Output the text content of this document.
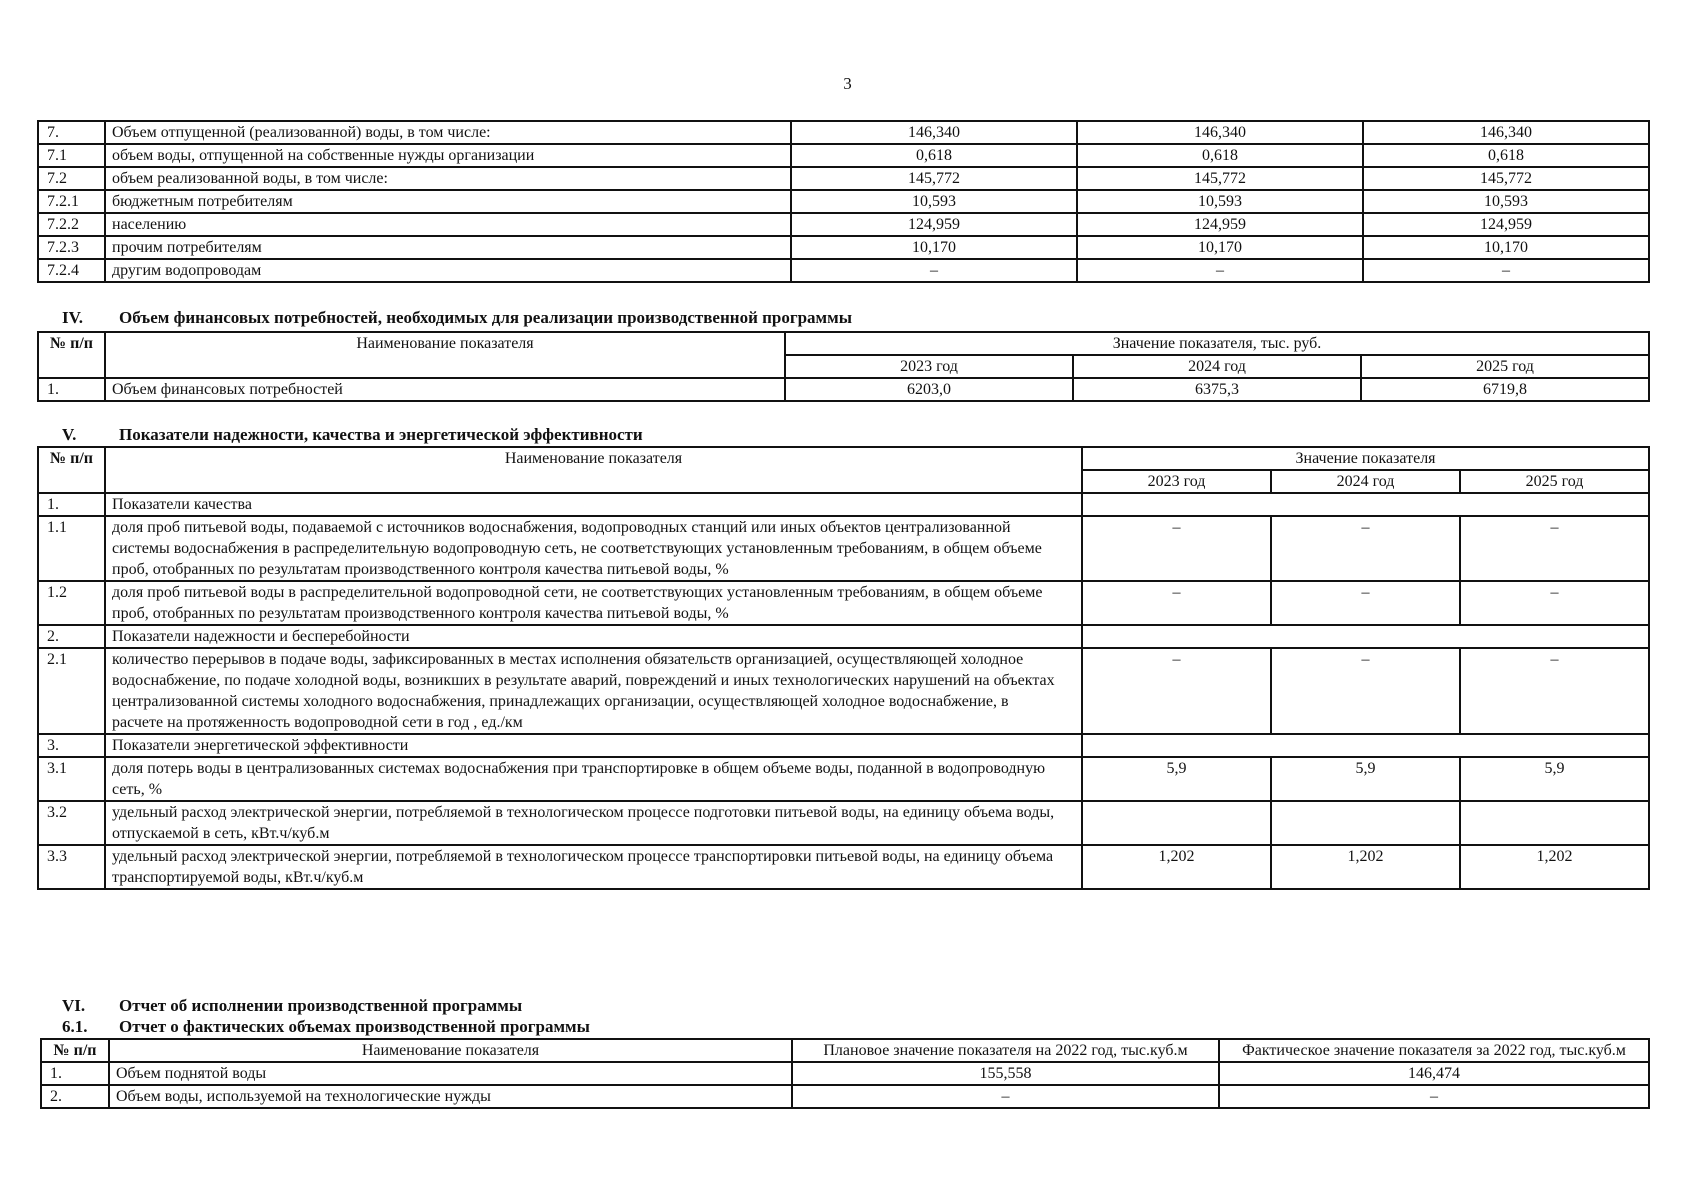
3
7.	Объем отпущенной (реализованной) воды, в том числе:	146,340	146,340	146,340
7.1	объем воды, отпущенной на собственные нужды организации	0,618	0,618	0,618
7.2	объем реализованной воды, в том числе:	145,772	145,772	145,772
7.2.1	бюджетным потребителям	10,593	10,593	10,593
7.2.2	населению	124,959	124,959	124,959
7.2.3	прочим потребителям	10,170	10,170	10,170
7.2.4	другим водопроводам	–	–	–
IV. Объем финансовых потребностей, необходимых для реализации производственной программы
№ п/п	Наименование показателя	Значение показателя, тыс. руб.		
		2023 год	2024 год	2025 год
1.	Объем финансовых потребностей	6203,0	6375,3	6719,8
V.	Показатели надежности, качества и энергетической эффективности
№ п/п	Наименование показателя	Значение показателя		
		2023 год	2024 год	2025 год
1.	Показатели качества			
1.1	доля проб питьевой воды, подаваемой с источников водоснабжения, водопроводных станций или иных объектов централизованной системы водоснабжения в распределительную водопроводную сеть, не соответствующих установленным требованиям, в общем объеме проб, отобранных по результатам производственного контроля качества питьевой воды, %	–	–	–
1.2	доля проб питьевой воды в распределительной водопроводной сети, не соответствующих установленным требованиям, в общем объеме проб, отобранных по результатам производственного контроля качества питьевой воды, %	–	–	–
2.	Показатели надежности и бесперебойности			
2.1	количество перерывов в подаче воды, зафиксированных в местах исполнения обязательств организацией, осуществляющей холодное водоснабжение, по подаче холодной воды, возникших в результате аварий, повреждений и иных технологических нарушений на объектах централизованной системы холодного водоснабжения, принадлежащих организации, осуществляющей холодное водоснабжение, в расчете на протяженность водопроводной сети в год , ед./км	–	–	–
3.	Показатели энергетической эффективности			
3.1	доля потерь воды в централизованных системах водоснабжения при транспортировке в общем объеме воды, поданной в водопроводную сеть, %	5,9	5,9	5,9
3.2	удельный расход электрической энергии, потребляемой в технологическом процессе подготовки питьевой воды, на единицу объема воды, отпускаемой в сеть, кВт.ч/куб.м			
3.3	удельный расход электрической энергии, потребляемой в технологическом процессе транспортировки питьевой воды, на единицу объема транспортируемой воды, кВт.ч/куб.м	1,202	1,202	1,202
VI. Отчет об исполнении производственной программы
6.1. Отчет о фактических объемах производственной программы
№ п/п	Наименование показателя	Плановое значение показателя на 2022 год, тыс.куб.м	Фактическое значение показателя за 2022 год, тыс.куб.м
1.	Объем поднятой воды	155,558	146,474
2.	Объем воды, используемой на технологические нужды	–	–
